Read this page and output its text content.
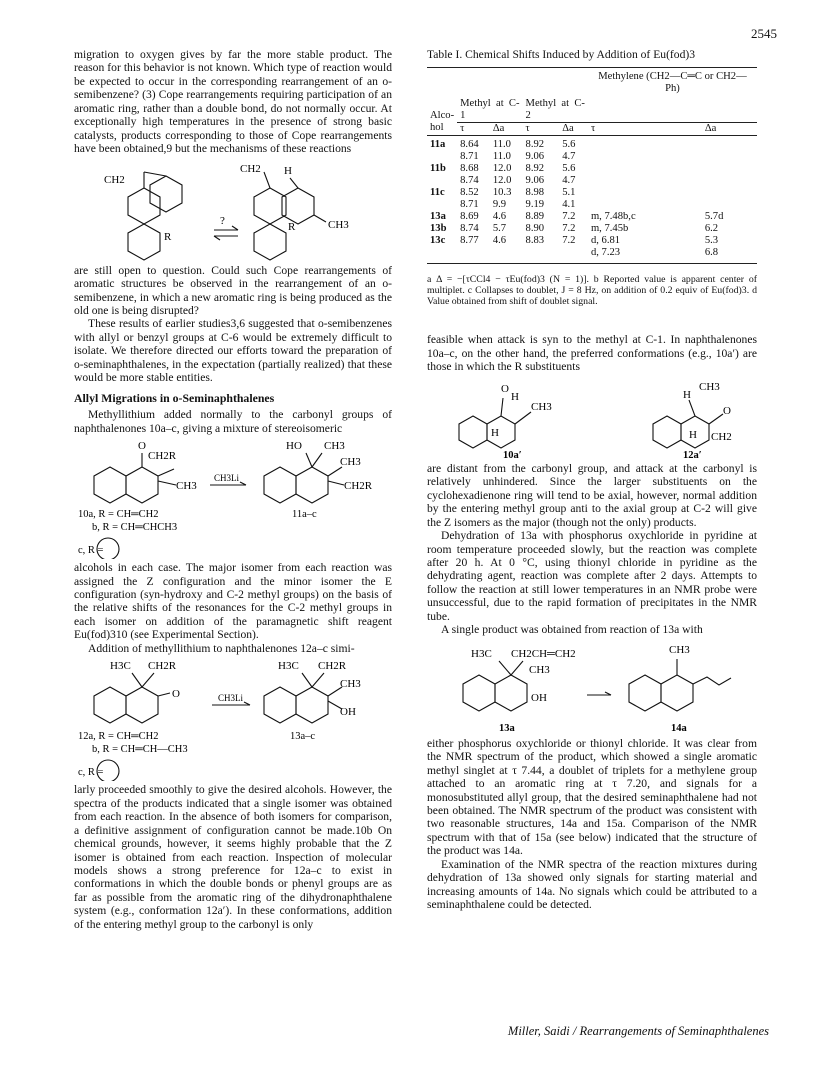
2545

migration to oxygen gives by far the more stable product. The reason for this behavior is not known. Which type of reaction would be expected to occur in the corresponding rearrangement of an o-semibenzene? (3) Cope rearrangements requiring participation of an aromatic ring, rather than a double bond, do not normally occur. At exceptionally high temperatures in the presence of strong basic catalysts, products corresponding to those of Cope rearrangements have been obtained,9 but the mechanisms of these reactions

CH2
R
?
CH2 H
R	CH3

are still open to question. Could such Cope rearrangements of aromatic structures be observed in the rearrangement of an o-semibenzene, in which a new aromatic ring is being produced as the old one is being disrupted?

These results of earlier studies3,6 suggested that o-semibenzenes with allyl or benzyl groups at C-6 would be extremely difficult to isolate. We therefore directed our efforts toward the preparation of o-seminaphthalenes, in the expectation (partially realized) that these would be more stable entities.

Allyl Migrations in o-Seminaphthalenes

Methyllithium added normally to the carbonyl groups of naphthalenones 10a–c, giving a mixture of stereoisomeric

O
CH2R
CH3
CH3Li
HO CH3
CH3
CH2R
10a, R = CH═CH2
b, R = CH═CHCH3
c, R =
11a–c

alcohols in each case. The major isomer from each reaction was assigned the Z configuration and the minor isomer the E configuration (syn-hydroxy and C-2 methyl groups) on the basis of the relative shifts of the resonances for the C-2 methyl groups in each isomer on addition of the paramagnetic shift reagent Eu(fod)310 (see Experimental Section).

Addition of methyllithium to naphthalenones 12a–c simi-

H3C CH2R
O	CH3Li
H3C CH2R
CH3
OH
12a, R = CH═CH2
b, R = CH═CH—CH3
c, R =
13a–c

larly proceeded smoothly to give the desired alcohols. However, the spectra of the products indicated that a single isomer was obtained from each reaction. In the absence of both isomers for comparison, a definitive assignment of configuration cannot be made.10b On chemical grounds, however, it seems highly probable that the Z isomer is obtained from each reaction. Inspection of molecular models shows a strong preference for 12a–c to exist in conformations in which the double bonds or phenyl groups are as far as possible from the aromatic ring of the dihydronaphthalene system (e.g., conformation 12a′). In these conformations, addition of the entering methyl group to the carbonyl is only

Table I. Chemical Shifts Induced by Addition of Eu(fod)3
Alco-
hol	Methyl at C-1		Methyl at C-2		Methylene (CH2—C═C or CH2—Ph)	
	τ	Δa	τ	Δa	τ	Δa
11a	8.64	11.0	8.92	5.6		
	8.71	11.0	9.06	4.7		
11b	8.68	12.0	8.92	5.6		
	8.74	12.0	9.06	4.7		
11c	8.52	10.3	8.98	5.1		
	8.71	9.9	9.19	4.1		
13a	8.69	4.6	8.89	7.2	m, 7.48b,c	5.7d
13b	8.74	5.7	8.90	7.2	m, 7.45b	6.2
13c	8.77	4.6	8.83	7.2	d, 6.81	5.3
					d, 7.23	6.8
a Δ = −[τCCl4 − τEu(fod)3 (N = 1)]. b Reported value is apparent center of multiplet. c Collapses to doublet, J = 8 Hz, on addition of 0.2 equiv of Eu(fod)3. d Value obtained from shift of doublet signal.

feasible when attack is syn to the methyl at C-1. In naphthalenones 10a–c, on the other hand, the preferred conformations (e.g., 10a′) are those in which the R substituents

O
H
CH3
H
10a′
H
CH3
O
H CH2
12a′

are distant from the carbonyl group, and attack at the carbonyl is relatively unhindered. Since the larger substituents on the cyclohexadienone ring will tend to be axial, however, normal addition by the entering methyl group anti to the axial group at C-2 will give the Z isomers as the major (though not the only) products.

Dehydration of 13a with phosphorus oxychloride in pyridine at room temperature proceeded slowly, but the reaction was complete after 20 h. At 0 °C, using thionyl chloride in pyridine as the dehydrating agent, reaction was complete after 2 days. Attempts to follow the reaction at still lower temperatures in an NMR probe were unsuccessful, due to the rapid formation of precipitates in the NMR tube.

A single product was obtained from reaction of 13a with

H3C CH2CH═CH2
CH3
OH
13a
CH3
14a

either phosphorus oxychloride or thionyl chloride. It was clear from the NMR spectrum of the product, which showed a single aromatic methyl singlet at τ 7.44, a doublet of triplets for a methylene group attached to an aromatic ring at τ 7.20, and signals for a monosubstituted allyl group, that the desired seminaphthalene had not been obtained. The NMR spectrum of the product was consistent with two reasonable structures, 14a and 15a. Comparison of the NMR spectrum with that of 15a (see below) indicated that the structure of the product was 14a.

Examination of the NMR spectra of the reaction mixtures during dehydration of 13a showed only signals for starting material and increasing amounts of 14a. No signals which could be attributed to a seminaphthalene could be detected.

Miller, Saidi / Rearrangements of Seminaphthalenes
